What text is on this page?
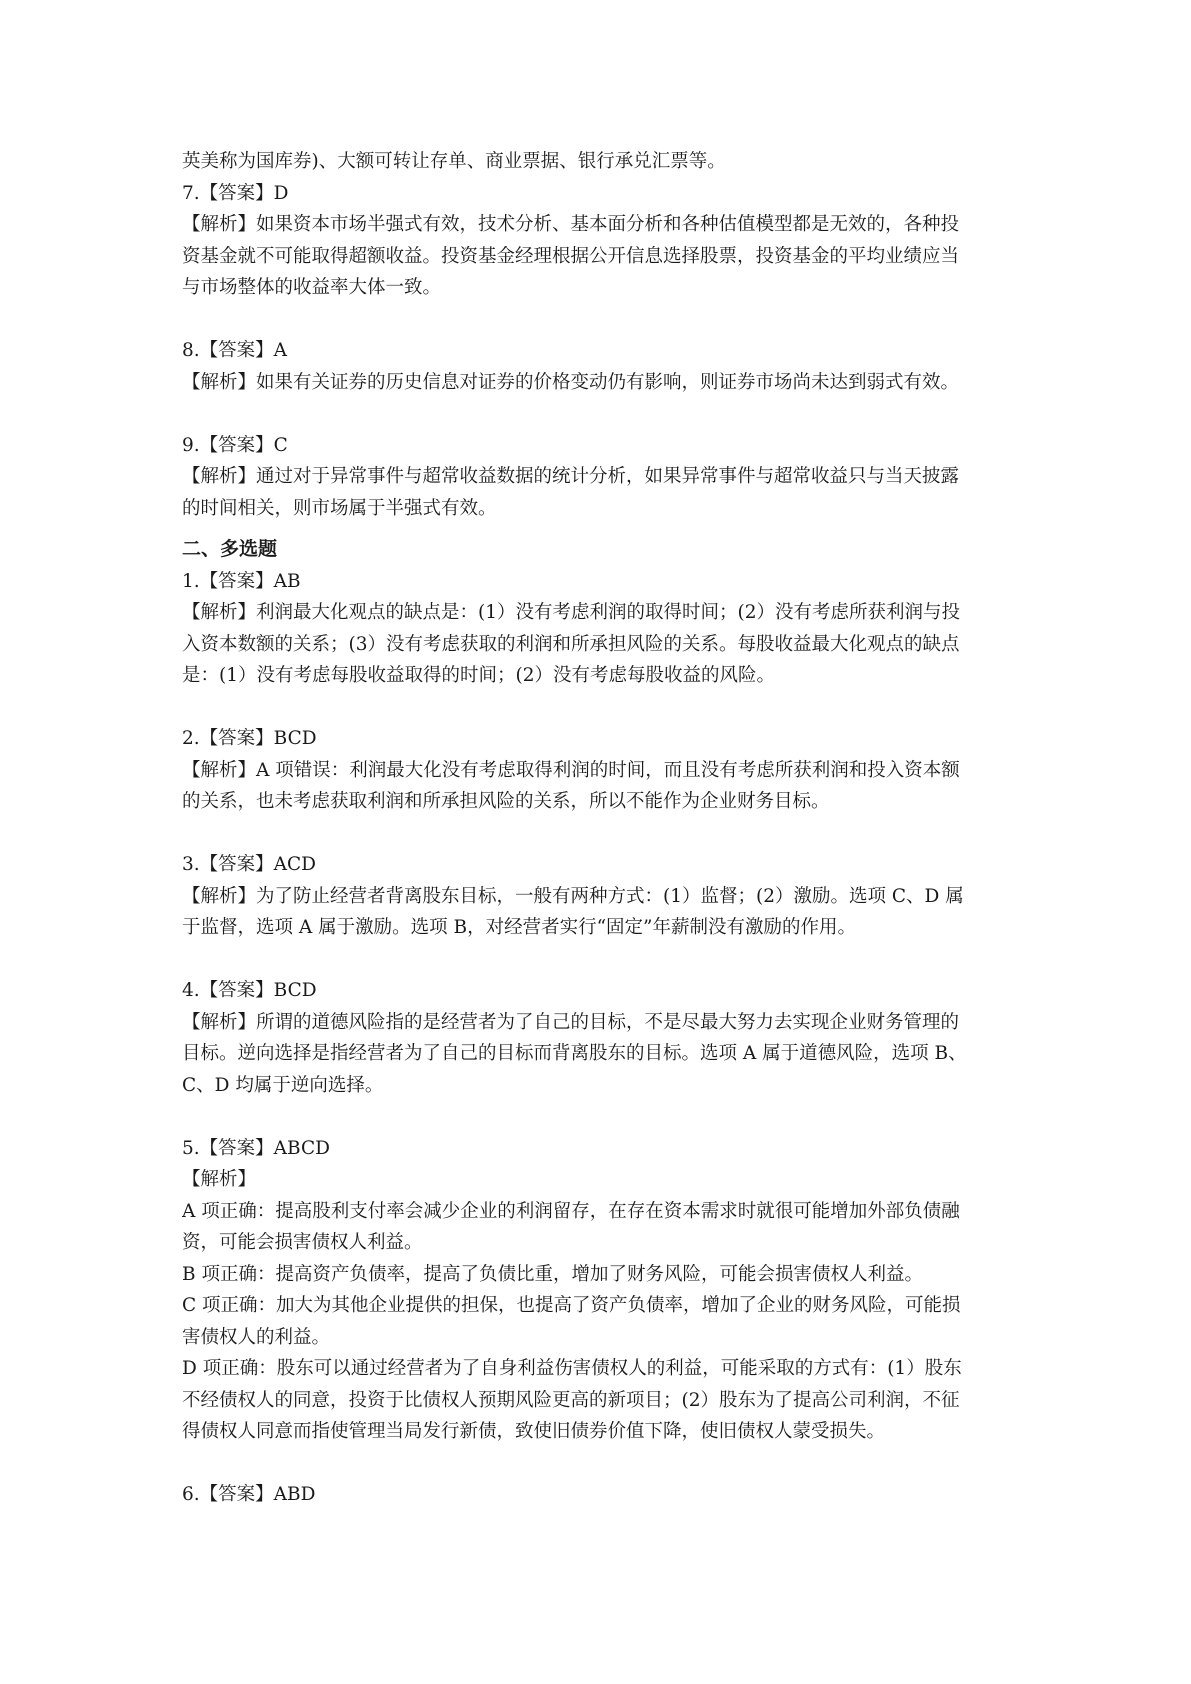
英美称为国库券)、大额可转让存单、商业票据、银行承兑汇票等。
7.【答案】D
【解析】如果资本市场半强式有效，技术分析、基本面分析和各种估值模型都是无效的，各种投
资基金就不可能取得超额收益。投资基金经理根据公开信息选择股票，投资基金的平均业绩应当
与市场整体的收益率大体一致。
8.【答案】A
【解析】如果有关证券的历史信息对证券的价格变动仍有影响，则证券市场尚未达到弱式有效。
9.【答案】C
【解析】通过对于异常事件与超常收益数据的统计分析，如果异常事件与超常收益只与当天披露
的时间相关，则市场属于半强式有效。
二、多选题
1.【答案】AB
【解析】利润最大化观点的缺点是：(1）没有考虑利润的取得时间；(2）没有考虑所获利润与投
入资本数额的关系；(3）没有考虑获取的利润和所承担风险的关系。每股收益最大化观点的缺点
是：(1）没有考虑每股收益取得的时间；(2）没有考虑每股收益的风险。
2.【答案】BCD
【解析】A 项错误：利润最大化没有考虑取得利润的时间，而且没有考虑所获利润和投入资本额
的关系，也未考虑获取利润和所承担风险的关系，所以不能作为企业财务目标。
3.【答案】ACD
【解析】为了防止经营者背离股东目标，一般有两种方式：(1）监督；(2）激励。选项 C、D 属
于监督，选项 A 属于激励。选项 B，对经营者实行“固定”年薪制没有激励的作用。
4.【答案】BCD
【解析】所谓的道德风险指的是经营者为了自己的目标，不是尽最大努力去实现企业财务管理的
目标。逆向选择是指经营者为了自己的目标而背离股东的目标。选项 A 属于道德风险，选项 B、
C、D 均属于逆向选择。
5.【答案】ABCD
【解析】
A 项正确：提高股利支付率会减少企业的利润留存，在存在资本需求时就很可能增加外部负债融
资，可能会损害债权人利益。
B 项正确：提高资产负债率，提高了负债比重，增加了财务风险，可能会损害债权人利益。
C 项正确：加大为其他企业提供的担保，也提高了资产负债率，增加了企业的财务风险，可能损
害债权人的利益。
D 项正确：股东可以通过经营者为了自身利益伤害债权人的利益，可能采取的方式有：(1）股东
不经债权人的同意，投资于比债权人预期风险更高的新项目；(2）股东为了提高公司利润，不征
得债权人同意而指使管理当局发行新债，致使旧债券价值下降，使旧债权人蒙受损失。
6.【答案】ABD
